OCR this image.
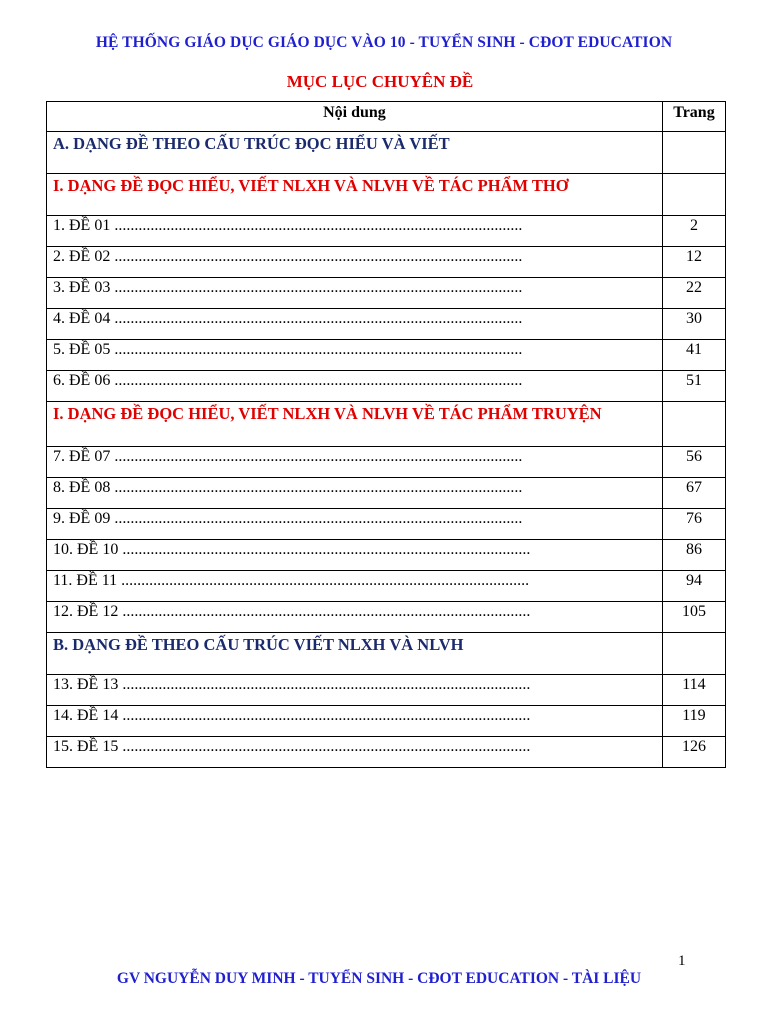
HỆ THỐNG GIÁO DỤC GIÁO DỤC VÀO 10 - TUYỂN SINH - CĐOT EDUCATION
MỤC LỤC CHUYÊN ĐỀ
Nội dung	Trang
A. DẠNG ĐỀ THEO CẤU TRÚC ĐỌC HIỂU VÀ VIẾT	
I. DẠNG ĐỀ ĐỌC HIỂU, VIẾT NLXH VÀ NLVH VỀ TÁC PHẨM THƠ	
1. ĐỀ 01 ......................................................................................................	2
2. ĐỀ 02 ......................................................................................................	12
3. ĐỀ 03 ......................................................................................................	22
4. ĐỀ 04 ......................................................................................................	30
5. ĐỀ 05 ......................................................................................................	41
6. ĐỀ 06 ......................................................................................................	51
I. DẠNG ĐỀ ĐỌC HIỂU, VIẾT NLXH VÀ NLVH VỀ TÁC PHẨM TRUYỆN	
7. ĐỀ 07 ......................................................................................................	56
8. ĐỀ 08 ......................................................................................................	67
9. ĐỀ 09 ......................................................................................................	76
10. ĐỀ 10 ......................................................................................................	86
11. ĐỀ 11 ......................................................................................................	94
12. ĐỀ 12 ......................................................................................................	105
B. DẠNG ĐỀ THEO CẤU TRÚC VIẾT NLXH VÀ NLVH	
13. ĐỀ 13 ......................................................................................................	114
14. ĐỀ 14 ......................................................................................................	119
15. ĐỀ 15 ......................................................................................................	126
1
GV NGUYỄN DUY MINH - TUYỂN SINH - CĐOT EDUCATION - TÀI LIỆU
